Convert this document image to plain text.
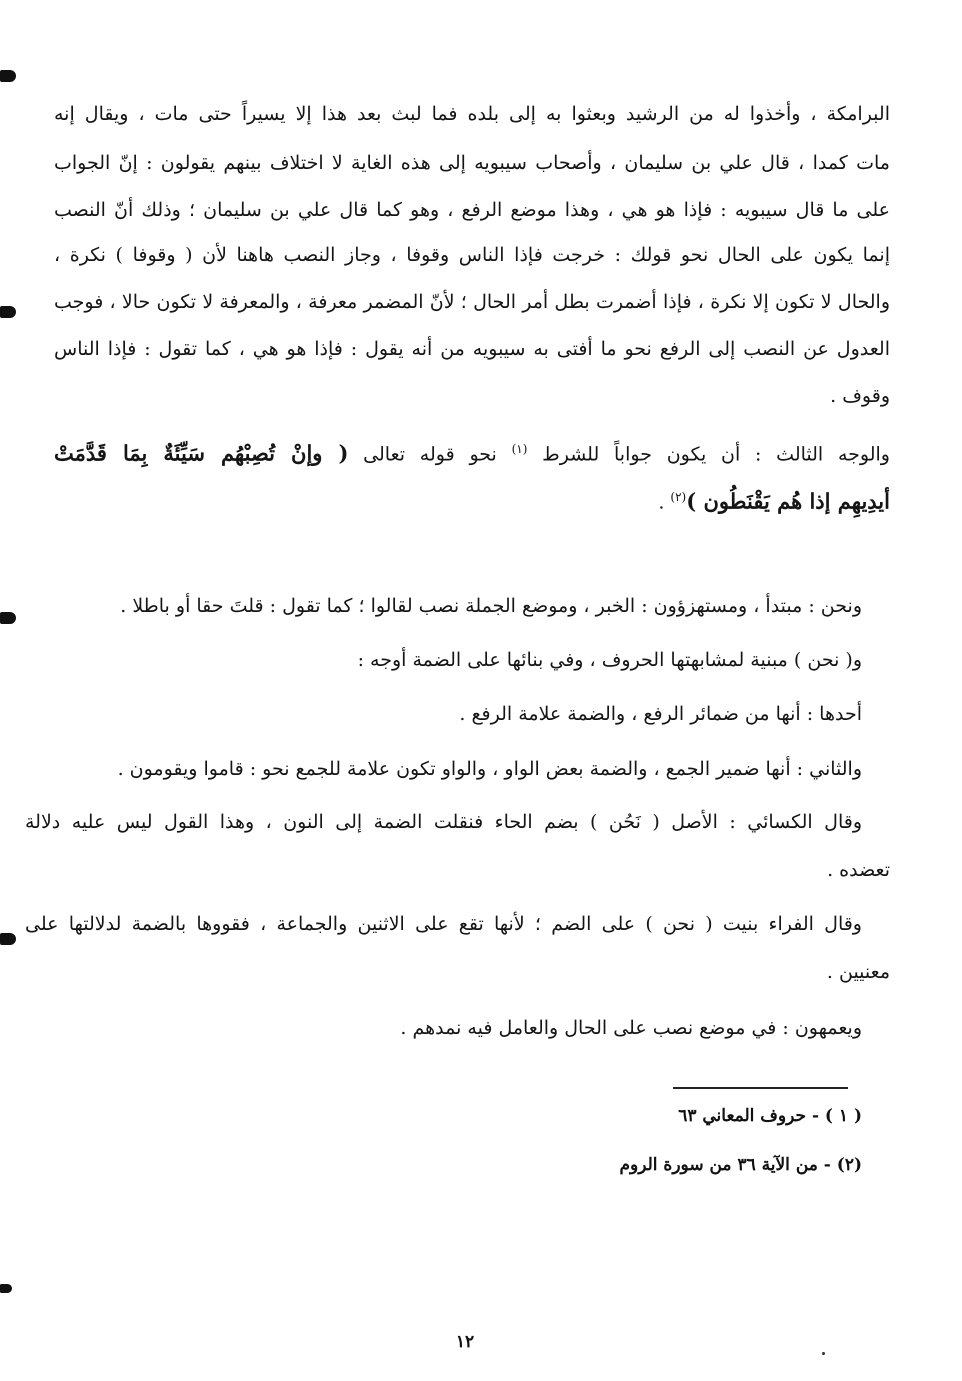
البرامكة ، وأخذوا له من الرشيد وبعثوا به إلى بلده فما لبث بعد هذا إلا يسيراً حتى مات ، ويقال إنه
مات كمدا ، قال علي بن سليمان ، وأصحاب سيبويه إلى هذه الغاية لا اختلاف بينهم يقولون : إنّ الجواب
على ما قال سيبويه : فإذا هو هي ، وهذا موضع الرفع ، وهو كما قال علي بن سليمان ؛ وذلك أنّ النصب
إنما يكون على الحال نحو قولك : خرجت فإذا الناس وقوفا ، وجاز النصب هاهنا لأن ( وقوفا ) نكرة ،
والحال لا تكون إلا نكرة ، فإذا أضمرت بطل أمر الحال ؛ لأنّ المضمر معرفة ، والمعرفة لا تكون حالا ، فوجب
العدول عن النصب إلى الرفع نحو ما أفتى به سيبويه من أنه يقول : فإذا هو هي ، كما تقول : فإذا الناس
وقوف .
والوجه الثالث : أن يكون جواباً للشرط $^{(١)}$ نحو قوله تعالى ( وإنْ تُصِبْهُم سَيِّئَةٌ بِمَا قَدَّمَتْ
أيدِيهِم إذا هُم يَقْنَطُون )$^{(٢)}$ .
ونحن : مبتدأ ، ومستهزؤون : الخبر ، وموضع الجملة نصب لقالوا ؛ كما تقول : قلتَ حقا أو باطلا .
و( نحن ) مبنية لمشابهتها الحروف ، وفي بنائها على الضمة أوجه :
أحدها : أنها من ضمائر الرفع ، والضمة علامة الرفع .
والثاني : أنها ضمير الجمع ، والضمة بعض الواو ، والواو تكون علامة للجمع نحو : قاموا ويقومون .
وقال الكسائي : الأصل ( نَحُن ) بضم الحاء فنقلت الضمة إلى النون ، وهذا القول ليس عليه دلالة
تعضده .
وقال الفراء بنيت ( نحن ) على الضم ؛ لأنها تقع على الاثنين والجماعة ، فقووها بالضمة لدلالتها على
معنيين .
ويعمهون : في موضع نصب على الحال والعامل فيه نمدهم .
( ١ ) - حروف المعاني ٦٣
(٢) - من الآية ٣٦ من سورة الروم
١٢
